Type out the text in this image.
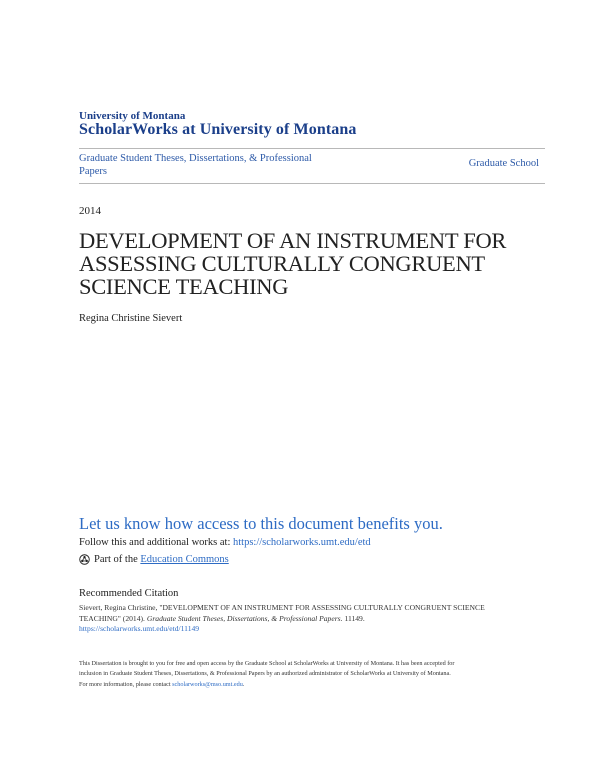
University of Montana
ScholarWorks at University of Montana
Graduate Student Theses, Dissertations, & Professional Papers
Graduate School
2014
DEVELOPMENT OF AN INSTRUMENT FOR ASSESSING CULTURALLY CONGRUENT SCIENCE TEACHING
Regina Christine Sievert
Let us know how access to this document benefits you.
Follow this and additional works at: https://scholarworks.umt.edu/etd
Part of the
Education Commons
Recommended Citation
Sievert, Regina Christine, "DEVELOPMENT OF AN INSTRUMENT FOR ASSESSING CULTURALLY CONGRUENT SCIENCE TEACHING" (2014). Graduate Student Theses, Dissertations, & Professional Papers. 11149.
https://scholarworks.umt.edu/etd/11149
This Dissertation is brought to you for free and open access by the Graduate School at ScholarWorks at University of Montana. It has been accepted for
inclusion in Graduate Student Theses, Dissertations, & Professional Papers by an authorized administrator of ScholarWorks at University of Montana.
For more information, please contact scholarworks@mso.umt.edu.
